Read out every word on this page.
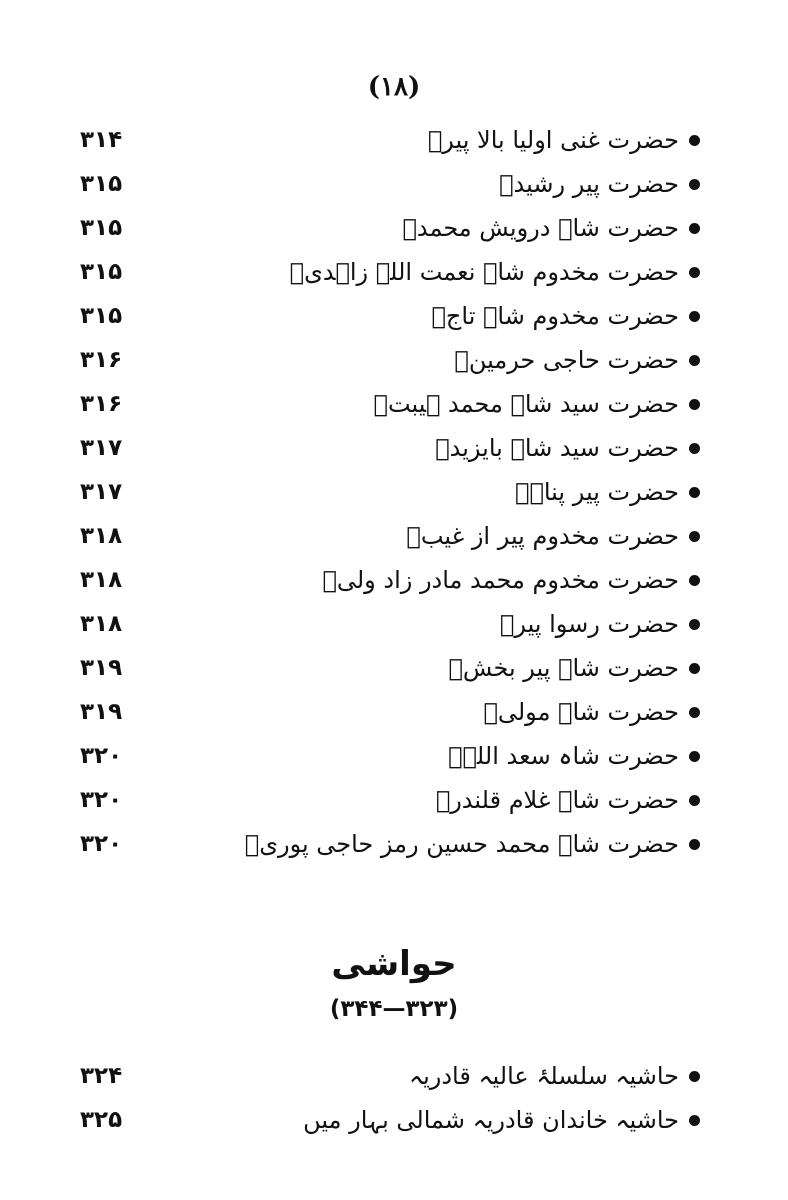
(۱۸)
حضرت غنی اولیا بالا پیرؒ
۳۱۴
حضرت پیر رشیدؒ
۳۱۵
حضرت شاہ درویش محمدؒ
۳۱۵
حضرت مخدوم شاہ نعمت اللہ زاہدیؒ
۳۱۵
حضرت مخدوم شاہ تاجؒ
۳۱۵
حضرت حاجی حرمینؒ
۳۱۶
حضرت سید شاہ محمد ہیبتؒ
۳۱۶
حضرت سید شاہ بایزیدؒ
۳۱۷
حضرت پیر پناہؒ
۳۱۷
حضرت مخدوم پیر از غیبؒ
۳۱۸
حضرت مخدوم محمد مادر زاد ولیؒ
۳۱۸
حضرت رسوا پیرؒ
۳۱۸
حضرت شاہ پیر بخشؒ
۳۱۹
حضرت شاہ مولیؒ
۳۱۹
حضرت شاہ سعد اللہؒ
۳۲۰
حضرت شاہ غلام قلندرؒ
۳۲۰
حضرت شاہ محمد حسین رمز حاجی پوریؒ
۳۲۰
حواشی
(۳۲۳—۳۴۴)
حاشیہ سلسلۂ عالیہ قادریہ
۳۲۴
حاشیہ خاندان قادریہ شمالی بہار میں
۳۲۵
